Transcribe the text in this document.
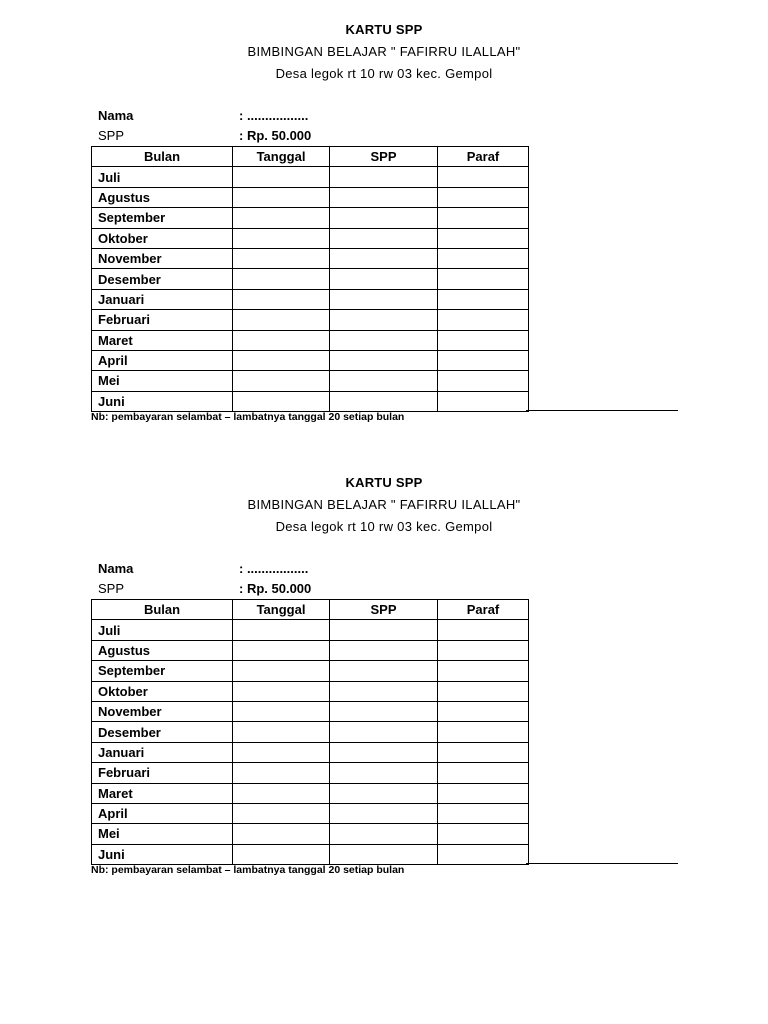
KARTU SPP
BIMBINGAN BELAJAR " FAFIRRU ILALLAH"
Desa legok rt 10 rw 03 kec. Gempol
Nama	: .................
SPP	: Rp. 50.000
Bulan	Tanggal	SPP	Paraf
Juli			
Agustus			
September			
Oktober			
November			
Desember			
Januari			
Februari			
Maret			
April			
Mei			
Juni			
Nb: pembayaran selambat – lambatnya tanggal 20 setiap bulan
KARTU SPP
BIMBINGAN BELAJAR " FAFIRRU ILALLAH"
Desa legok rt 10 rw 03 kec. Gempol
Nama	: .................
SPP	: Rp. 50.000
Bulan	Tanggal	SPP	Paraf
Juli			
Agustus			
September			
Oktober			
November			
Desember			
Januari			
Februari			
Maret			
April			
Mei			
Juni			
Nb: pembayaran selambat – lambatnya tanggal 20 setiap bulan
